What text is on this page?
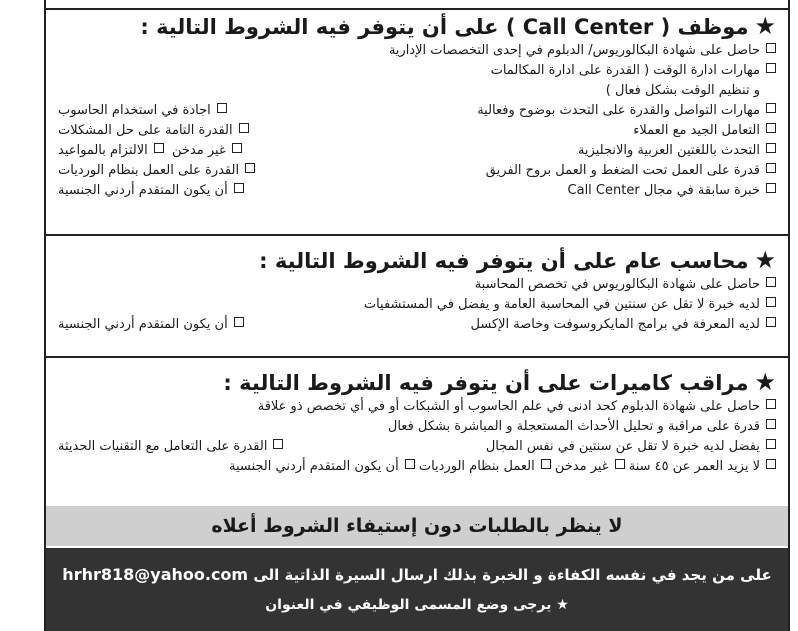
★موظف ( Call Center ) على أن يتوفر فيه الشروط التالية :
حاصل على شهادة البكالوريوس/ الدبلوم في إحدى التخصصات الإدارية
مهارات ادارة الوقت ( القدرة على ادارة المكالمات
و تنظيم الوقت بشكل فعال )
مهارات التواصل والقدرة على التحدث بوضوح وفعالية
اجادة في استخدام الحاسوب
التعامل الجيد مع العملاء
القدرة التامة على حل المشكلات
التحدث باللغتين العربية والانجليزية
غير مدخن  الالتزام بالمواعيد
قدرة على العمل تحت الضغط و العمل بروح الفريق
القدرة على العمل بنظام الورديات
خبرة سابقة في مجال Call Center
أن يكون المتقدم أردني الجنسية
★محاسب عام على أن يتوفر فيه الشروط التالية :
حاصل على شهادة البكالوريوس في تخصص المحاسبة
لديه خبرة لا تقل عن سنتين في المحاسبة العامة و يفضل في المستشفيات
لديه المعرفة في برامج المايكروسوفت وخاصة الإكسل
أن يكون المتقدم أردني الجنسية
★مراقب كاميرات على أن يتوفر فيه الشروط التالية :
حاصل على شهادة الدبلوم كحد ادنى في علم الحاسوب أو الشبكات أو في أي تخصص ذو علاقة
قدرة على مراقبة و تحليل الأحداث المستعجلة و المباشرة بشكل فعال
يفضل لديه خبرة لا تقل عن سنتين في نفس المجال
القدرة على التعامل مع التقنيات الحديثة
لا يزيد العمر عن ٤٥ سنة غير مدخن العمل بنظام الورديات أن يكون المتقدم أردني الجنسية
لا ينظر بالطلبات دون إستيفاء الشروط أعلاه
على من يجد في نفسه الكفاءة و الخبرة بذلك ارسال السيرة الذاتية الى hrhr818@yahoo.com
★ يرجى وضع المسمى الوظيفي في العنوان
